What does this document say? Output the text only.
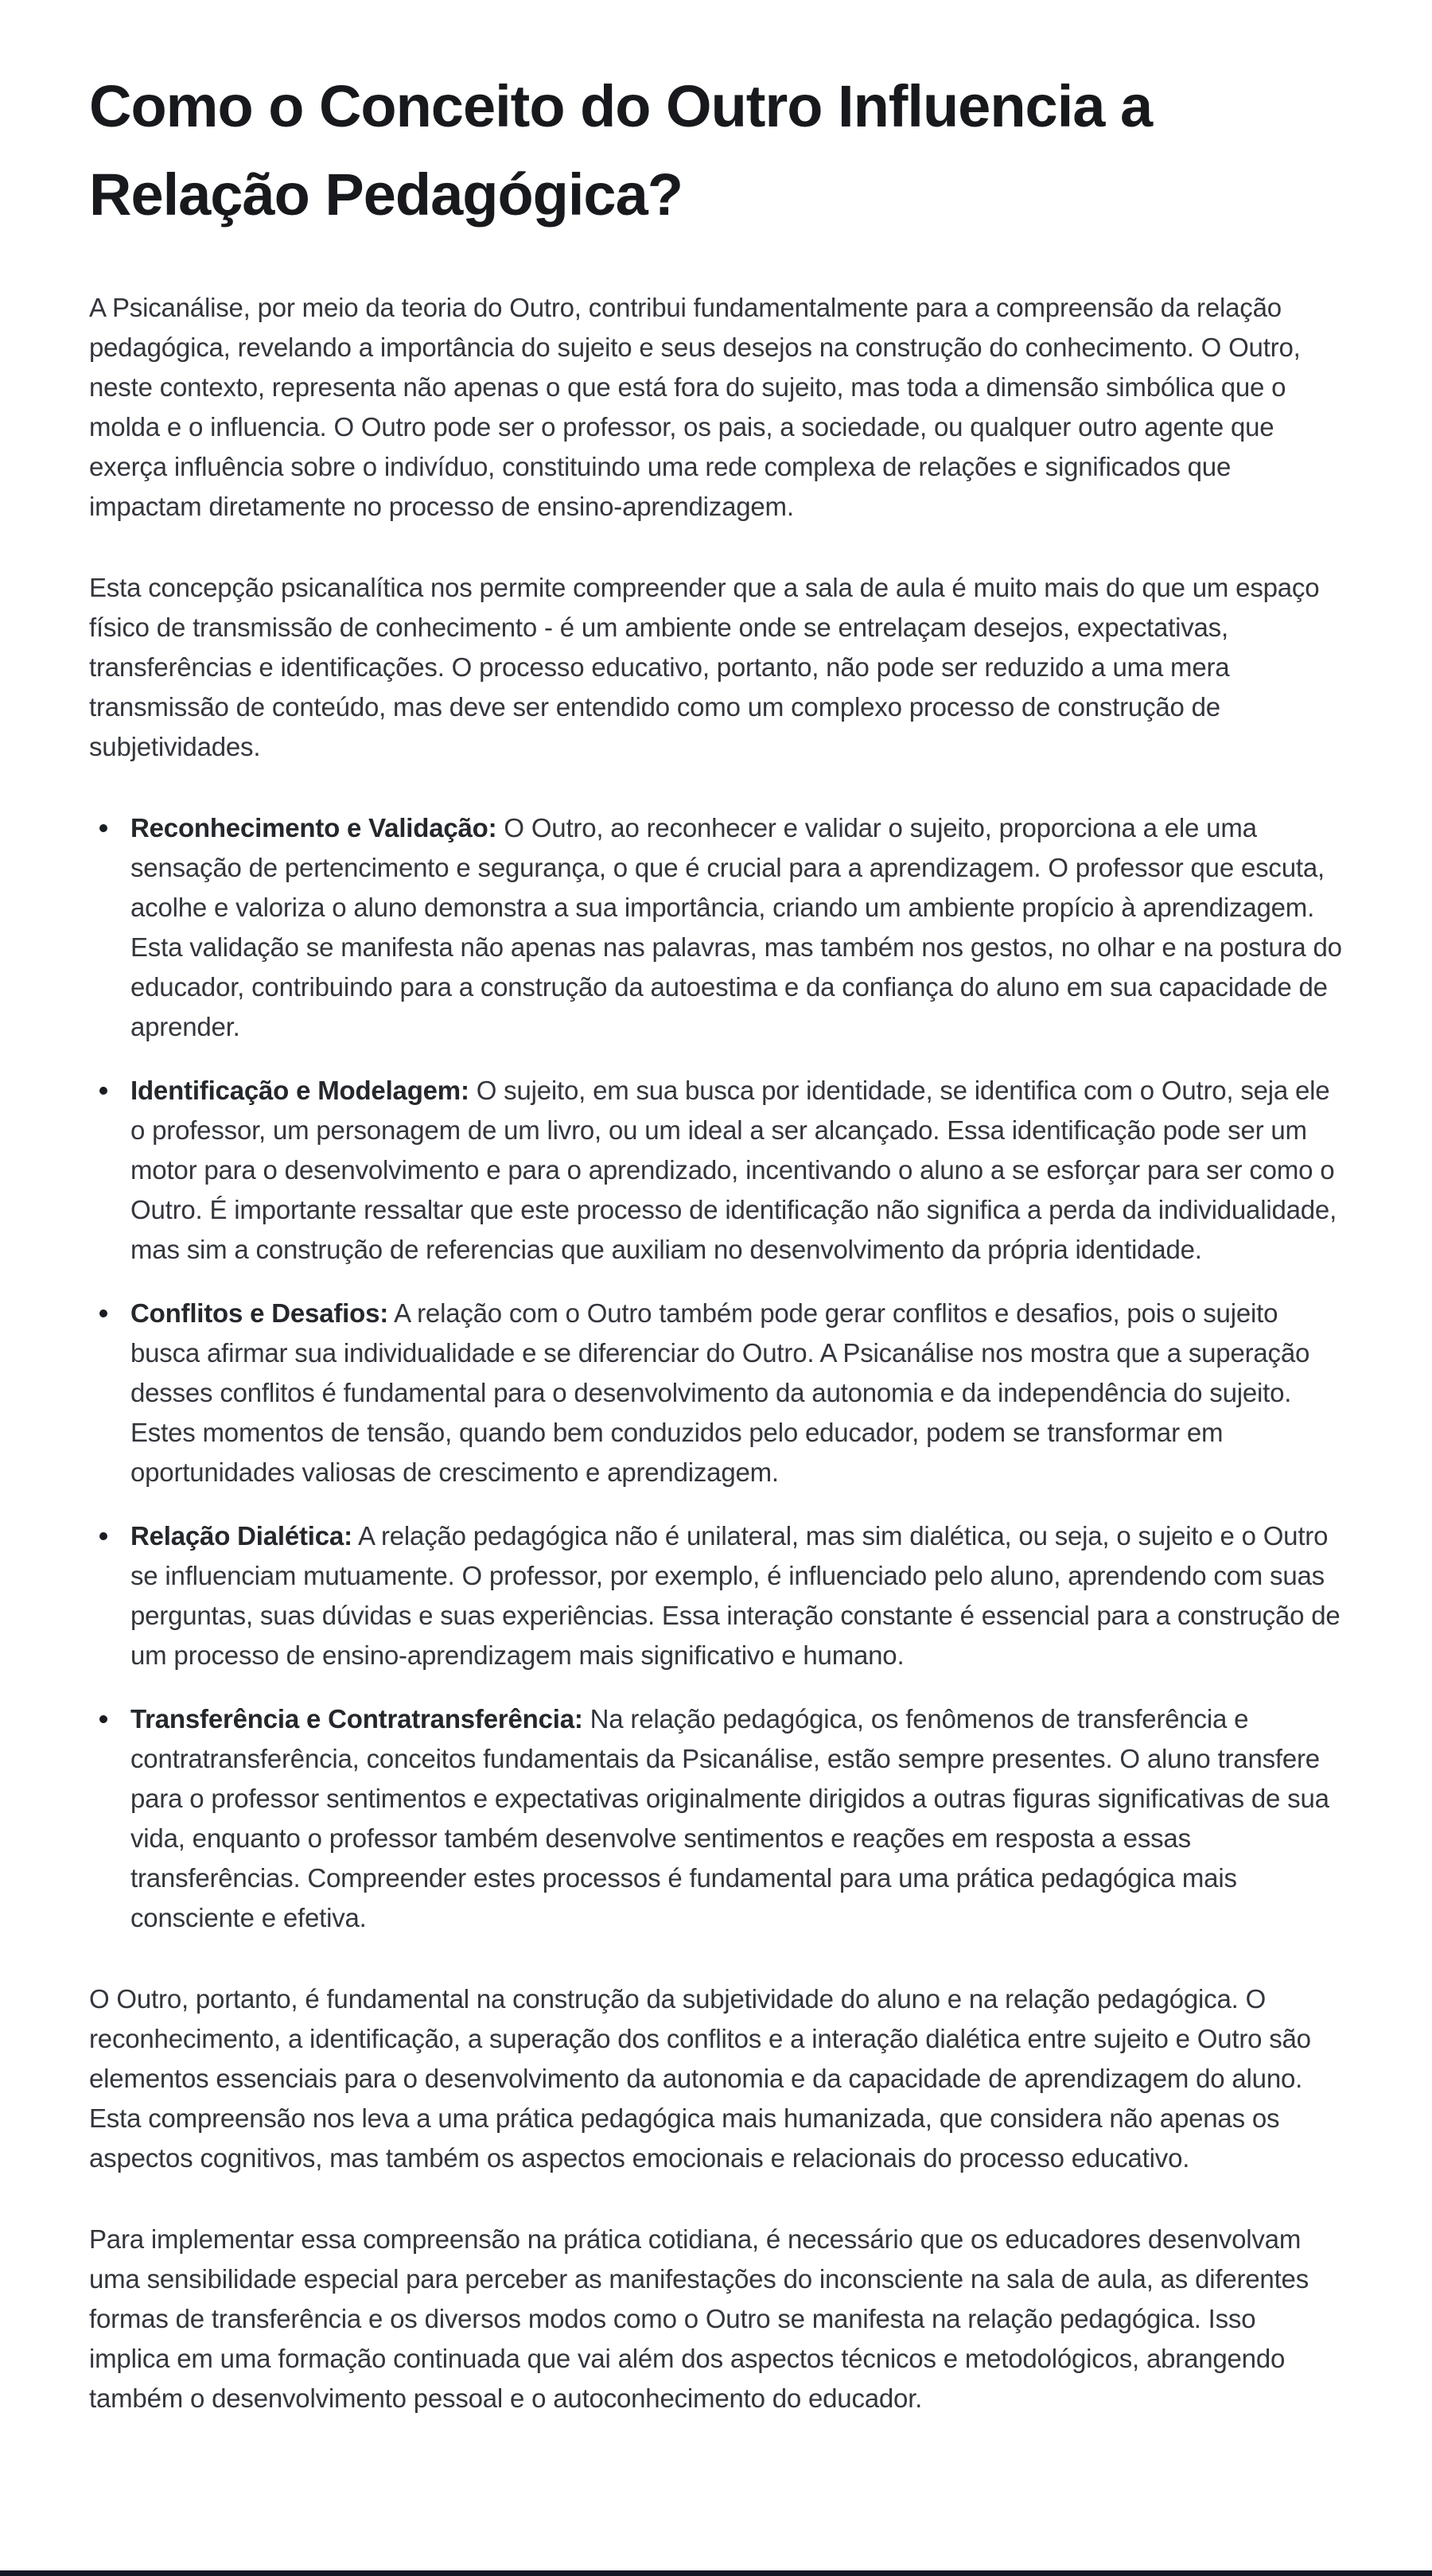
Como o Conceito do Outro Influencia a Relação Pedagógica?

A Psicanálise, por meio da teoria do Outro, contribui fundamentalmente para a compreensão da relação pedagógica, revelando a importância do sujeito e seus desejos na construção do conhecimento. O Outro, neste contexto, representa não apenas o que está fora do sujeito, mas toda a dimensão simbólica que o molda e o influencia. O Outro pode ser o professor, os pais, a sociedade, ou qualquer outro agente que exerça influência sobre o indivíduo, constituindo uma rede complexa de relações e significados que impactam diretamente no processo de ensino-aprendizagem.

Esta concepção psicanalítica nos permite compreender que a sala de aula é muito mais do que um espaço físico de transmissão de conhecimento - é um ambiente onde se entrelaçam desejos, expectativas, transferências e identificações. O processo educativo, portanto, não pode ser reduzido a uma mera transmissão de conteúdo, mas deve ser entendido como um complexo processo de construção de subjetividades.

Reconhecimento e Validação: O Outro, ao reconhecer e validar o sujeito, proporciona a ele uma sensação de pertencimento e segurança, o que é crucial para a aprendizagem. O professor que escuta, acolhe e valoriza o aluno demonstra a sua importância, criando um ambiente propício à aprendizagem. Esta validação se manifesta não apenas nas palavras, mas também nos gestos, no olhar e na postura do educador, contribuindo para a construção da autoestima e da confiança do aluno em sua capacidade de aprender.
Identificação e Modelagem: O sujeito, em sua busca por identidade, se identifica com o Outro, seja ele o professor, um personagem de um livro, ou um ideal a ser alcançado. Essa identificação pode ser um motor para o desenvolvimento e para o aprendizado, incentivando o aluno a se esforçar para ser como o Outro. É importante ressaltar que este processo de identificação não significa a perda da individualidade, mas sim a construção de referencias que auxiliam no desenvolvimento da própria identidade.
Conflitos e Desafios: A relação com o Outro também pode gerar conflitos e desafios, pois o sujeito busca afirmar sua individualidade e se diferenciar do Outro. A Psicanálise nos mostra que a superação desses conflitos é fundamental para o desenvolvimento da autonomia e da independência do sujeito. Estes momentos de tensão, quando bem conduzidos pelo educador, podem se transformar em oportunidades valiosas de crescimento e aprendizagem.
Relação Dialética: A relação pedagógica não é unilateral, mas sim dialética, ou seja, o sujeito e o Outro se influenciam mutuamente. O professor, por exemplo, é influenciado pelo aluno, aprendendo com suas perguntas, suas dúvidas e suas experiências. Essa interação constante é essencial para a construção de um processo de ensino-aprendizagem mais significativo e humano.
Transferência e Contratransferência: Na relação pedagógica, os fenômenos de transferência e contratransferência, conceitos fundamentais da Psicanálise, estão sempre presentes. O aluno transfere para o professor sentimentos e expectativas originalmente dirigidos a outras figuras significativas de sua vida, enquanto o professor também desenvolve sentimentos e reações em resposta a essas transferências. Compreender estes processos é fundamental para uma prática pedagógica mais consciente e efetiva.

O Outro, portanto, é fundamental na construção da subjetividade do aluno e na relação pedagógica. O reconhecimento, a identificação, a superação dos conflitos e a interação dialética entre sujeito e Outro são elementos essenciais para o desenvolvimento da autonomia e da capacidade de aprendizagem do aluno. Esta compreensão nos leva a uma prática pedagógica mais humanizada, que considera não apenas os aspectos cognitivos, mas também os aspectos emocionais e relacionais do processo educativo.

Para implementar essa compreensão na prática cotidiana, é necessário que os educadores desenvolvam uma sensibilidade especial para perceber as manifestações do inconsciente na sala de aula, as diferentes formas de transferência e os diversos modos como o Outro se manifesta na relação pedagógica. Isso implica em uma formação continuada que vai além dos aspectos técnicos e metodológicos, abrangendo também o desenvolvimento pessoal e o autoconhecimento do educador.
